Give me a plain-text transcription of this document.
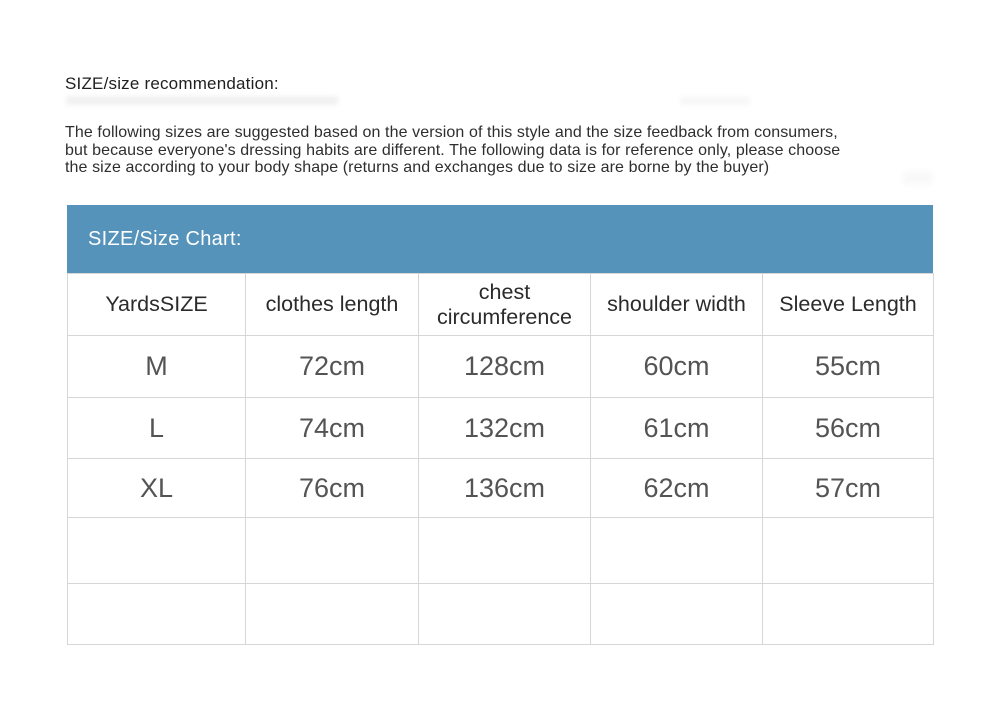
SIZE/size recommendation:
The following sizes are suggested based on the version of this style and the size feedback from consumers,
but because everyone's dressing habits are different. The following data is for reference only, please choose
the size according to your body shape (returns and exchanges due to size are borne by the buyer)
SIZE/Size Chart:
YardsSIZE	clothes length	chest circumference	shoulder width	Sleeve Length
M	72cm	128cm	60cm	55cm
L	74cm	132cm	61cm	56cm
XL	76cm	136cm	62cm	57cm
